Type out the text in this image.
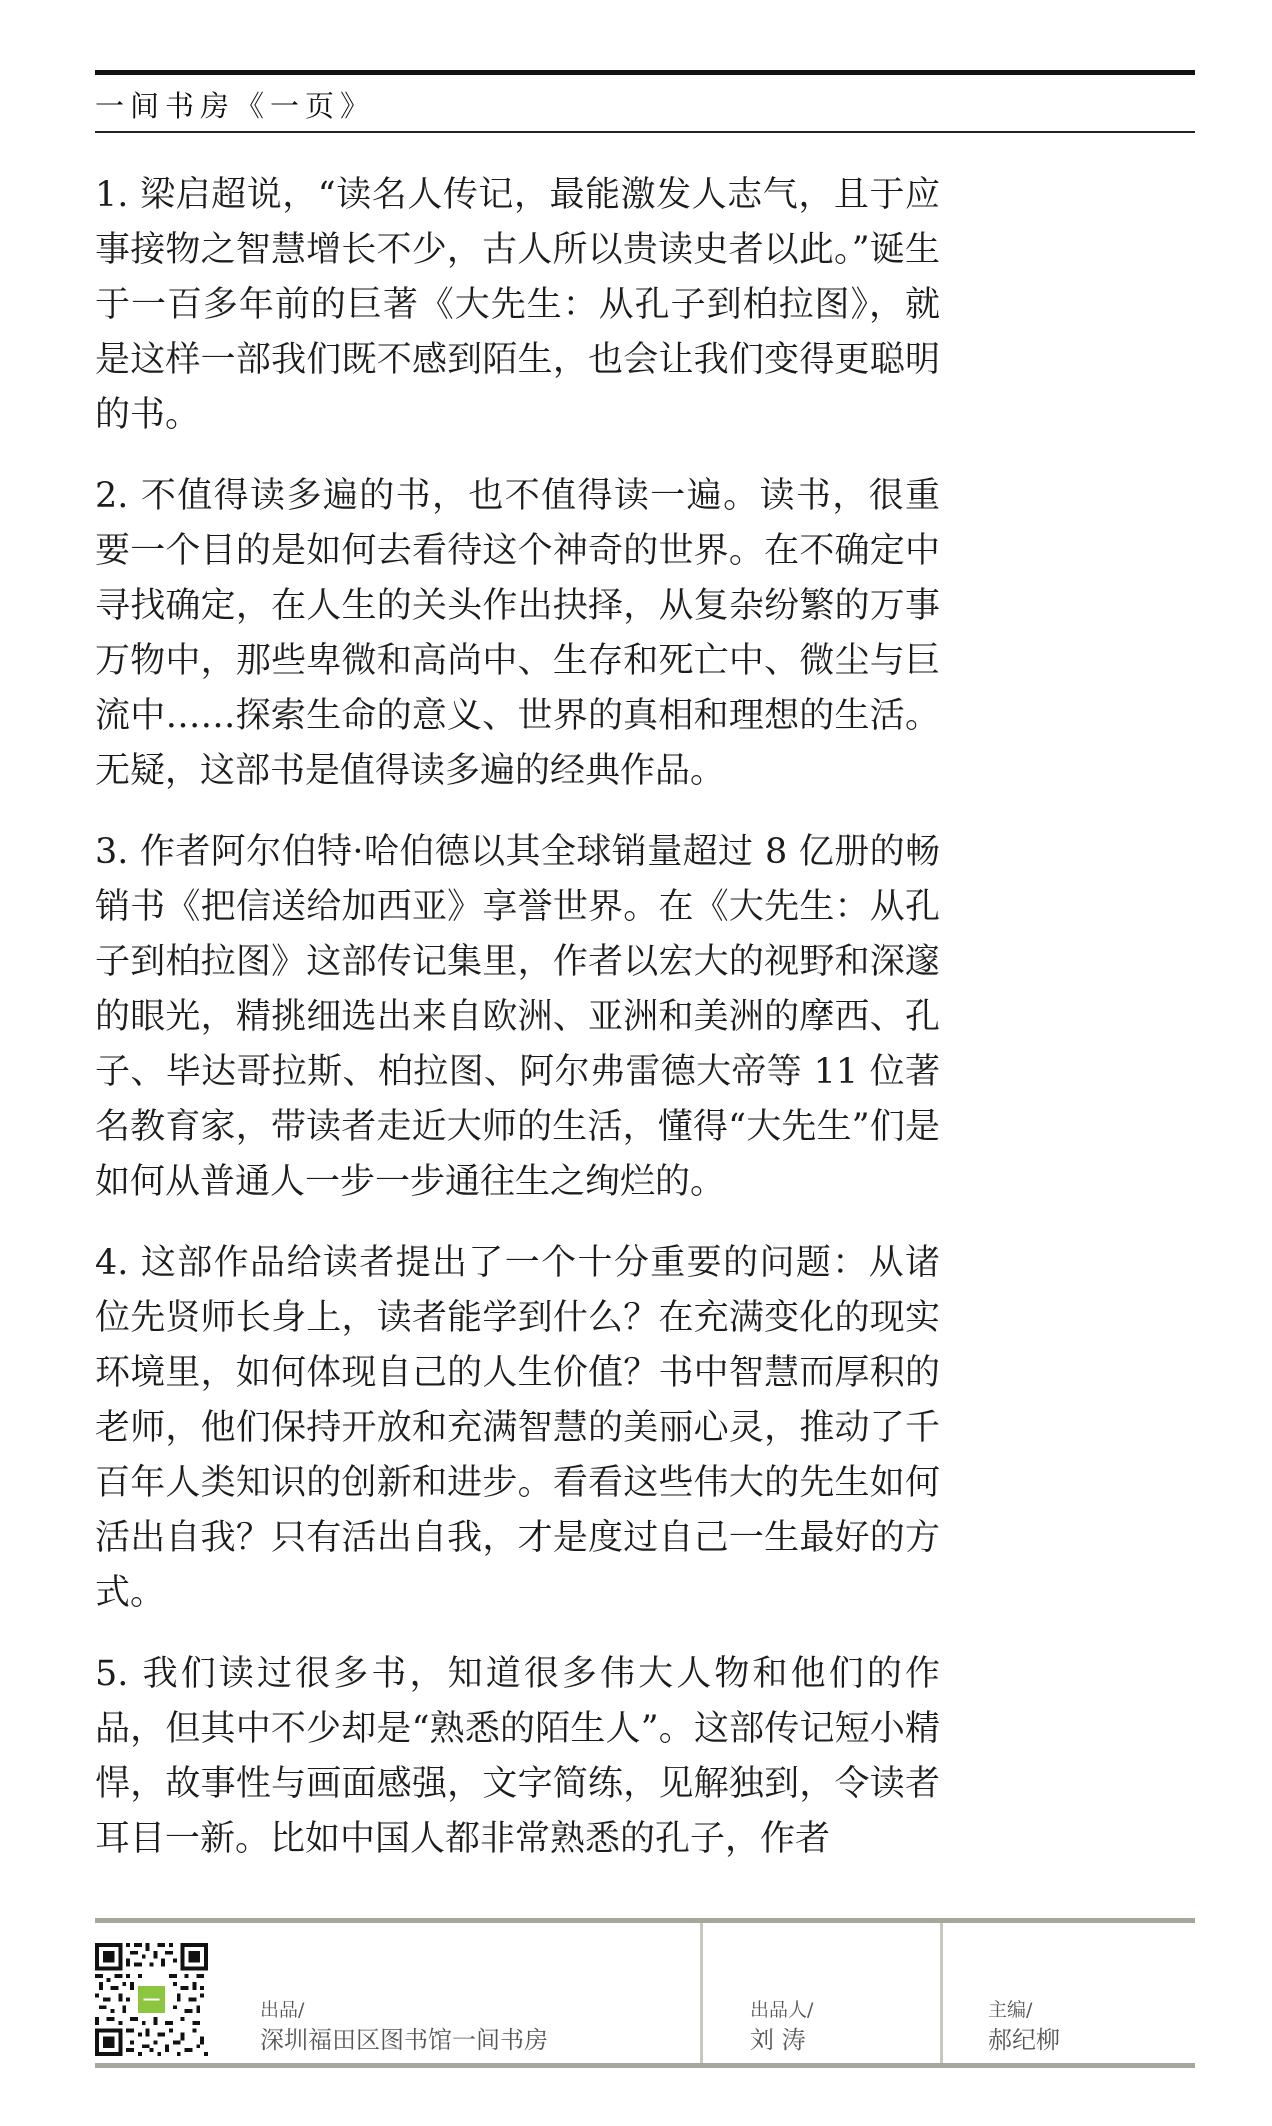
一间书房《一页》

1. 梁启超说，“读名人传记，最能激发人志气，且于应事接物之智慧增长不少，古人所以贵读史者以此。”诞生于一百多年前的巨著《大先生：从孔子到柏拉图》，就是这样一部我们既不感到陌生，也会让我们变得更聪明的书。

2. 不值得读多遍的书，也不值得读一遍。读书，很重要一个目的是如何去看待这个神奇的世界。在不确定中寻找确定，在人生的关头作出抉择，从复杂纷繁的万事万物中，那些卑微和高尚中、生存和死亡中、微尘与巨流中……探索生命的意义、世界的真相和理想的生活。无疑，这部书是值得读多遍的经典作品。

3. 作者阿尔伯特·哈伯德以其全球销量超过 8 亿册的畅销书《把信送给加西亚》享誉世界。在《大先生：从孔子到柏拉图》这部传记集里，作者以宏大的视野和深邃的眼光，精挑细选出来自欧洲、亚洲和美洲的摩西、孔子、毕达哥拉斯、柏拉图、阿尔弗雷德大帝等 11 位著名教育家，带读者走近大师的生活，懂得“大先生”们是如何从普通人一步一步通往生之绚烂的。

4. 这部作品给读者提出了一个十分重要的问题：从诸位先贤师长身上，读者能学到什么？在充满变化的现实环境里，如何体现自己的人生价值？书中智慧而厚积的老师，他们保持开放和充满智慧的美丽心灵，推动了千百年人类知识的创新和进步。看看这些伟大的先生如何活出自我？只有活出自我，才是度过自己一生最好的方式。

5. 我们读过很多书，知道很多伟大人物和他们的作品，但其中不少却是“熟悉的陌生人”。这部传记短小精悍，故事性与画面感强，文字简练，见解独到，令读者耳目一新。比如中国人都非常熟悉的孔子，作者

出品/
深圳福田区图书馆一间书房
出品人/
刘 涛
主编/
郝纪柳
